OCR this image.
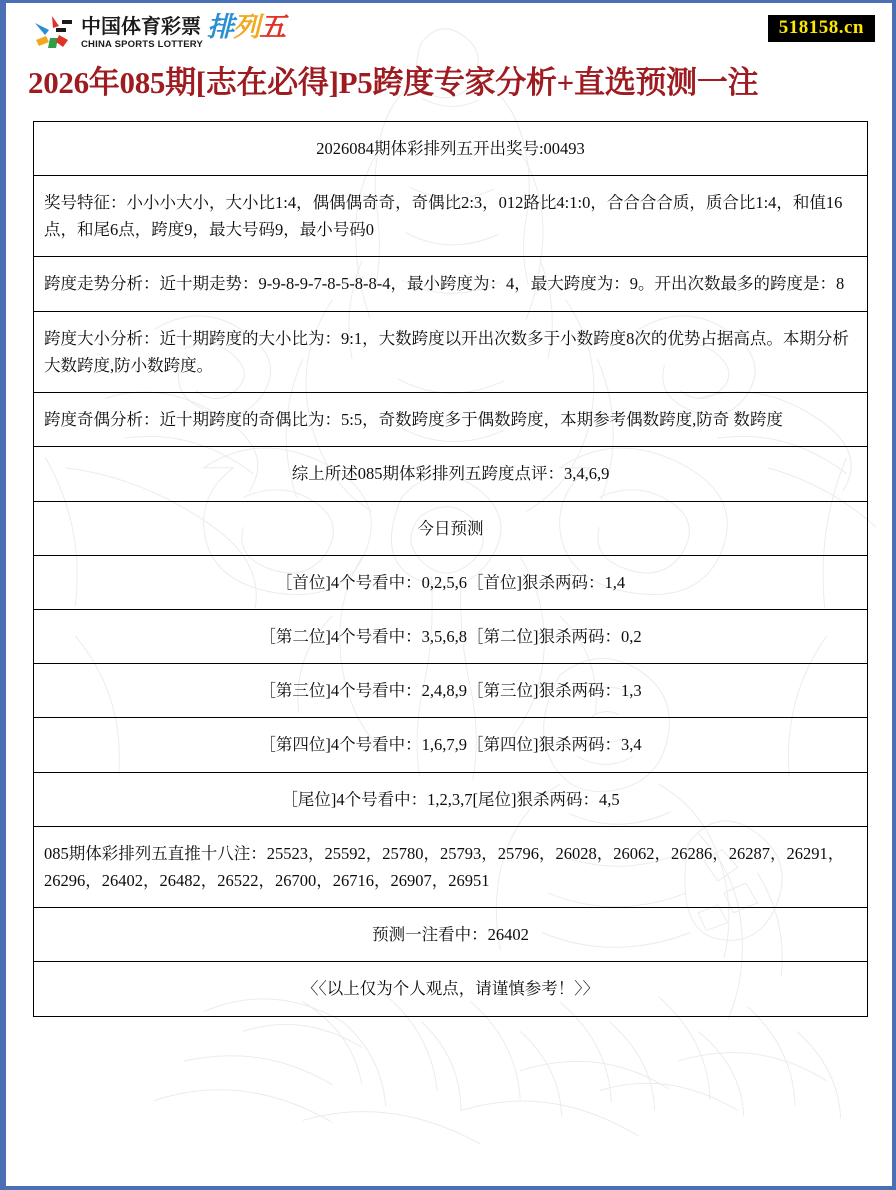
中国体育彩票
CHINA SPORTS LOTTERY
排列五	518158.cn
2026年085期[志在必得]P5跨度专家分析+直选预测一注
2026084期体彩排列五开出奖号:00493
奖号特征：小小小大小，大小比1:4，偶偶偶奇奇，奇偶比2:3，012路比4:1:0，合合合合质，质合比1:4，和值16点，和尾6点，跨度9，最大号码9，最小号码0
跨度走势分析：近十期走势：9-9-8-9-7-8-5-8-8-4，最小跨度为：4，最大跨度为：9。开出次数最多的跨度是：8
跨度大小分析：近十期跨度的大小比为：9:1，大数跨度以开出次数多于小数跨度8次的优势占据高点。本期分析大数跨度,防小数跨度。
跨度奇偶分析：近十期跨度的奇偶比为：5:5，奇数跨度多于偶数跨度，本期参考偶数跨度,防奇 数跨度
综上所述085期体彩排列五跨度点评：3,4,6,9
今日预测
［首位]4个号看中：0,2,5,6［首位]狠杀两码：1,4
［第二位]4个号看中：3,5,6,8［第二位]狠杀两码：0,2
［第三位]4个号看中：2,4,8,9［第三位]狠杀两码：1,3
［第四位]4个号看中：1,6,7,9［第四位]狠杀两码：3,4
［尾位]4个号看中：1,2,3,7[尾位]狠杀两码：4,5
085期体彩排列五直推十八注：25523，25592，25780，25793，25796，26028，26062，26286，26287，26291，26296，26402，26482，26522，26700，26716，26907，26951
预测一注看中：26402
〈〈以上仅为个人观点，请谨慎参考！〉〉
